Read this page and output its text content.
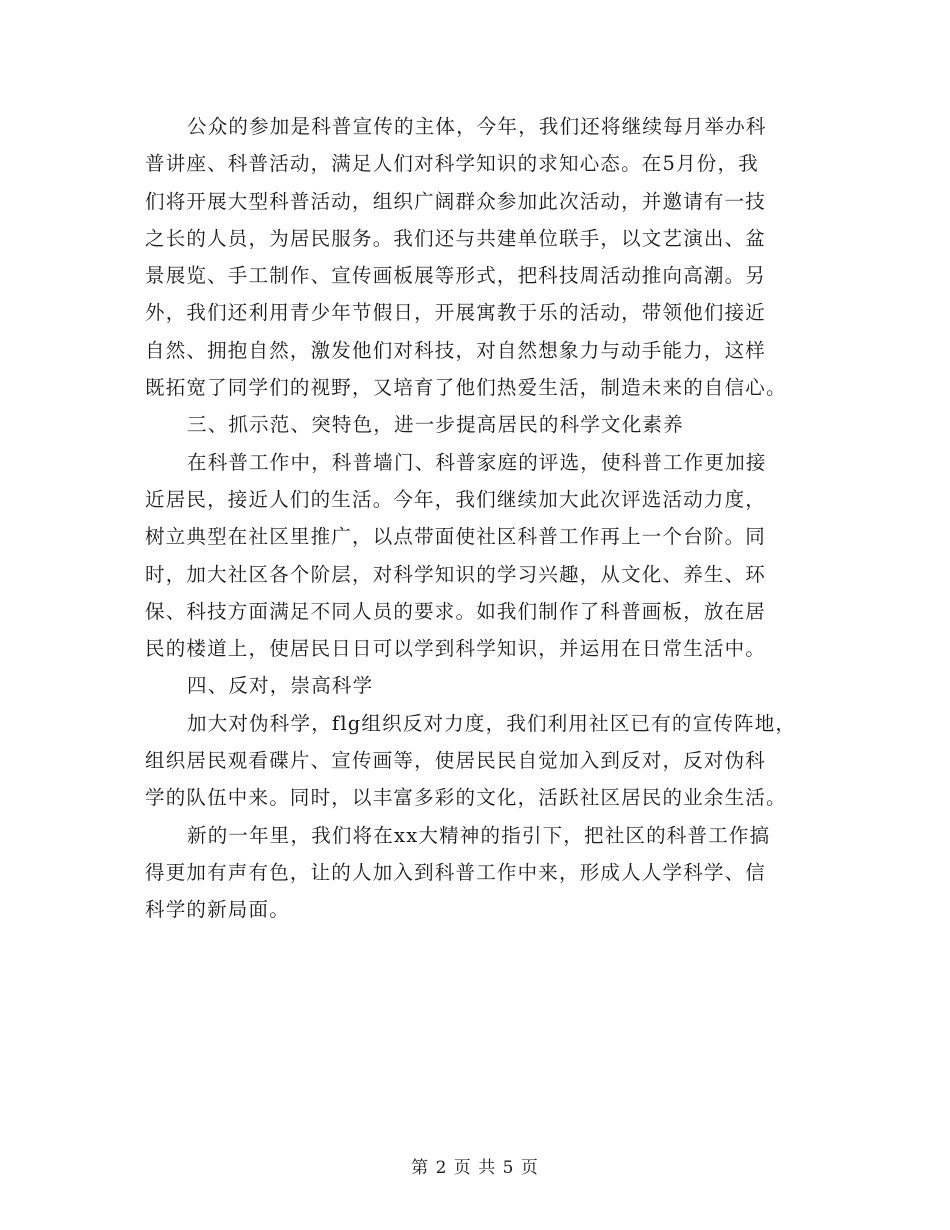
公众的参加是科普宣传的主体，今年，我们还将继续每月举办科
普讲座、科普活动，满足人们对科学知识的求知心态。在5月份，我
们将开展大型科普活动，组织广阔群众参加此次活动，并邀请有一技
之长的人员，为居民服务。我们还与共建单位联手，以文艺演出、盆
景展览、手工制作、宣传画板展等形式，把科技周活动推向高潮。另
外，我们还利用青少年节假日，开展寓教于乐的活动，带领他们接近
自然、拥抱自然，激发他们对科技，对自然想象力与动手能力，这样
既拓宽了同学们的视野，又培育了他们热爱生活，制造未来的自信心。
三、抓示范、突特色，进一步提高居民的科学文化素养
在科普工作中，科普墙门、科普家庭的评选，使科普工作更加接
近居民，接近人们的生活。今年，我们继续加大此次评选活动力度，
树立典型在社区里推广，以点带面使社区科普工作再上一个台阶。同
时，加大社区各个阶层，对科学知识的学习兴趣，从文化、养生、环
保、科技方面满足不同人员的要求。如我们制作了科普画板，放在居
民的楼道上，使居民日日可以学到科学知识，并运用在日常生活中。
四、反对，崇高科学
加大对伪科学，flg组织反对力度，我们利用社区已有的宣传阵地，
组织居民观看碟片、宣传画等，使居民民自觉加入到反对，反对伪科
学的队伍中来。同时，以丰富多彩的文化，活跃社区居民的业余生活。
新的一年里，我们将在xx大精神的指引下，把社区的科普工作搞
得更加有声有色，让的人加入到科普工作中来，形成人人学科学、信
科学的新局面。
第 2 页 共 5 页
